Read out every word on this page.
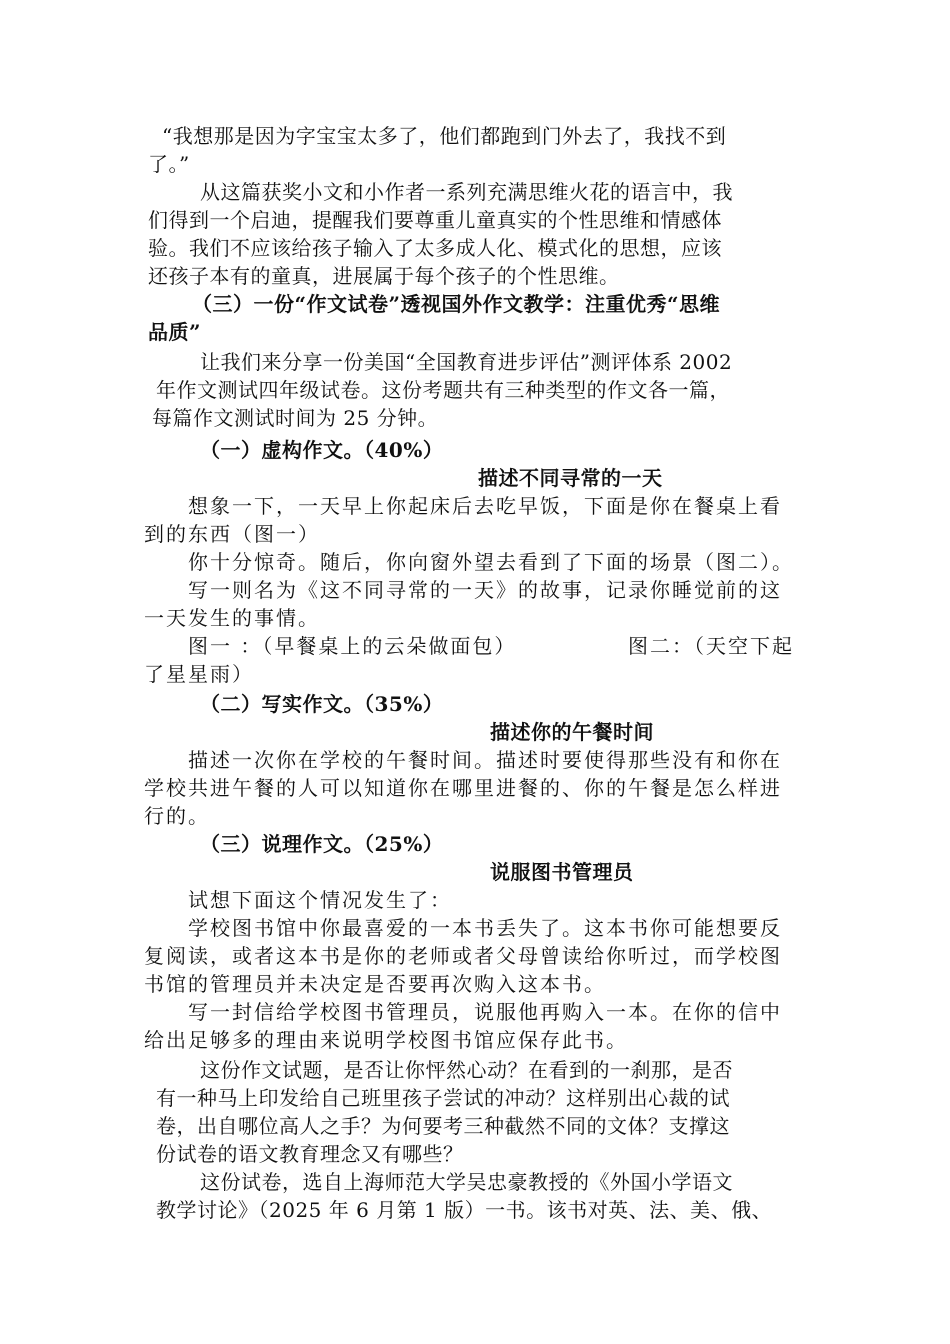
“我想那是因为字宝宝太多了，他们都跑到门外去了，我找不到
了。”
从这篇获奖小文和小作者一系列充满思维火花的语言中，我
们得到一个启迪，提醒我们要尊重儿童真实的个性思维和情感体
验。我们不应该给孩子输入了太多成人化、模式化的思想，应该
还孩子本有的童真，进展属于每个孩子的个性思维。
（三）一份“作文试卷”透视国外作文教学：注重优秀“思维
品质”
让我们来分享一份美国“全国教育进步评估”测评体系 2002
年作文测试四年级试卷。这份考题共有三种类型的作文各一篇，
每篇作文测试时间为 25 分钟。
（一）虚构作文。（40%）
描述不同寻常的一天
想象一下，一天早上你起床后去吃早饭，下面是你在餐桌上看
到的东西（图一）
你十分惊奇。随后，你向窗外望去看到了下面的场景（图二）。
写一则名为《这不同寻常的一天》的故事，记录你睡觉前的这
一天发生的事情。
图一 ：（早餐桌上的云朵做面包）	图二：（天空下起
了星星雨）
（二）写实作文。（35%）
描述你的午餐时间
描述一次你在学校的午餐时间。描述时要使得那些没有和你在
学校共进午餐的人可以知道你在哪里进餐的、你的午餐是怎么样进
行的。
（三）说理作文。（25%）
说服图书管理员
试想下面这个情况发生了：
学校图书馆中你最喜爱的一本书丢失了。这本书你可能想要反
复阅读，或者这本书是你的老师或者父母曾读给你听过，而学校图
书馆的管理员并未决定是否要再次购入这本书。
写一封信给学校图书管理员，说服他再购入一本。在你的信中
给出足够多的理由来说明学校图书馆应保存此书。
这份作文试题，是否让你怦然心动？在看到的一刹那，是否
有一种马上印发给自己班里孩子尝试的冲动？这样别出心裁的试
卷，出自哪位高人之手？为何要考三种截然不同的文体？支撑这
份试卷的语文教育理念又有哪些？
这份试卷，选自上海师范大学吴忠豪教授的《外国小学语文
教学讨论》（2025 年 6 月第 1 版）一书。该书对英、法、美、俄、
